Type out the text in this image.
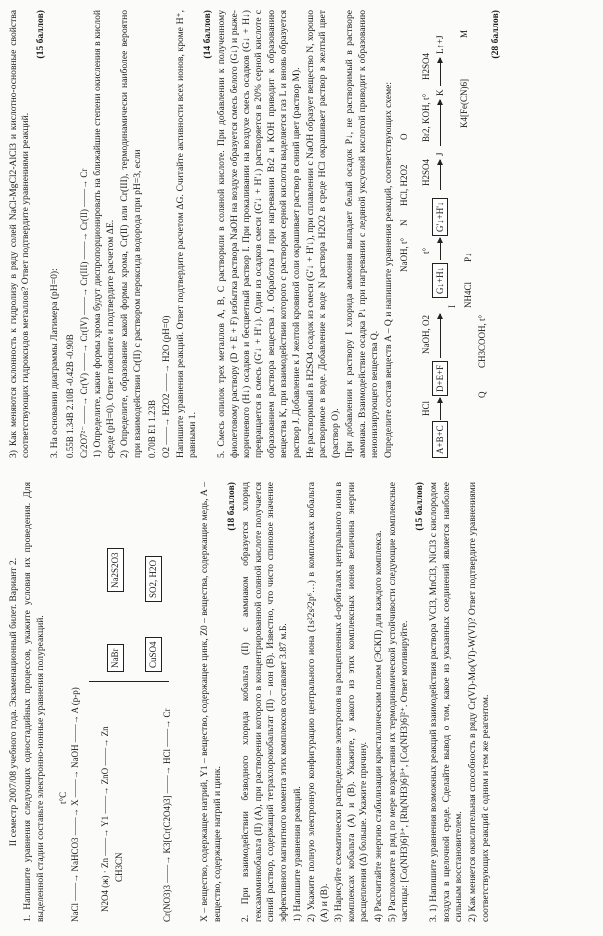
II семестр 2007/08 учебного года. Экзаменационный билет. Вариант 2. 1. Напишите уравнения следующих одностадийных процессов, укажите условия их проведения. Для выделенной стадии составьте электронно-ионные уравнения полуреакций. t°C NaCl ——→ NaHCO3 ——→ X ——→ NaOH ——→ A (р-р) N2O4 (ж) · Zn ——→ Y1 ——→ ZnO ——→ Zn CH3CN	Cr(NO3)3 ——→ K3[Cr(C2O4)3] ——→ HCl ——→ Cr
NaBr
Na2S2O3
CuSO4
SO2, H2O	X – вещество, содержащее натрий, Y1 – вещество, содержащее цинк, Z0 – вещества, содержащие медь, А – вещество, содержащее натрий и цинк.

(18 баллов) 2. При взаимодействии безводного хлорида кобальта (II) с аммиаком образуется хлорид гексаамминкобальта (II) (A), при растворении которого в концентрированной соляной кислоте получается синий раствор, содержащий тетрахлорокобальтат (II) – ион (B). Известно, что чисто спиновое значение эффективного магнитного момента этих комплексов составляет 3.87 м.Б. 1) Напишите уравнения реакций. 2) Укажите полную электронную конфигурацию центрального иона (1s²2s²2p⁶…) в комплексах кобальта (A) и (B). 3) Нарисуйте схематически распределение электронов на расщепленных d-орбиталях центрального иона в комплексах кобальта (A) и (B). Укажите, у какого из этих комплексных ионов величина энергии расщепления (Δ) больше. Укажите причину. 4) Рассчитайте энергию стабилизации кристаллическим полем (ЭСКП) для каждого комплекса. 5) Расположите в ряд по мере возрастания их термодинамической устойчивости следующие комплексные частицы: [Co(NH3)6]³⁺, [Rh(NH3)6]³⁺, [Co(NH3)6]²⁺. Ответ мотивируйте.

(15 баллов) 3. 1) Напишите уравнения возможных реакций взаимодействия раствора VCl3, MnCl3, NiCl3 с кислородом воздуха в щелочной среде. Сделайте вывод о том, какое из указанных соединений является наиболее сильным восстановителем. 2) Как меняется окислительная способность в ряду Cr(VI)-Mo(VI)-W(VI)? Ответ подтвердите уравнениями соответствующих реакций с одним и тем же реагентом.

3) Как меняются склонность к гидролизу в ряду солей NaCl-MgCl2-AlCl3 и кислотно-основные свойства соответствующих гидроксидов металлов? Ответ подтвердите уравнениями реакций.

(15 баллов)

3. На основании диаграммы Латимера (pH=0): 0.55B 1.34B 2.10B -0.42B -0.90B Cr2O7²⁻ ——→ Cr(V) ——→ Cr(IV) ——→ Cr(III) ——→ Cr(II) ——→ Cr 1) Определите, какие формы хрома будут диспропорционировать на ближайшие степени окисления в кислой среде (pH=0). Ответ поясните и подтвердите расчетом ΔE. 2) Определите, образование какой формы хрома, Cr(II) или Cr(III), термодинамически наиболее вероятно при взаимодействии Cr(II) с раствором пероксида водорода при pH=3, если 0.70B E1 1.23B O2 ——→ H2O2 ——→ H2O (pH=0) Напишите уравнения реакций. Ответ подтвердите расчетом ΔG. Считайте активности всех ионов, кроме H⁺, равными 1.

(14 баллов) 5. Смесь опилок трех металлов A, B, C растворили в соляной кислоте. При добавлении к полученному фиолетовому раствору (D + E + F) избытка раствора NaOH на воздухе образуется смесь белого (G↓) и рыже-коричневого (H↓) осадков и бесцветный раствор I. При прокаливании на воздухе смесь осадков (G↓ + H↓) превращается в смесь (G'↓ + H'↓). Один из осадков смеси (G'↓ + H'↓) растворяется в 20% серной кислоте с образованием раствора вещества J. Обработка J при нагревании Br2 и KOH приводит к образованию вещества K, при взаимодействии которого с раствором серной кислоты выделяется газ L и вновь образуется раствор J. Добавление к J желтой кровяной соли окрашивает раствор в синий цвет (раствор M). Не растворимый в H2SO4 осадок из смеси (G'↓ + H'↓), при сплавлении с NaOH образует вещество N, хорошо растворимое в воде. Добавление к воде N раствора H2O2 в среде HCl окрашивает раствор в желтый цвет (раствор O). При добавлении к раствору I хлорида аммония выпадает белый осадок P↓, не растворимый в растворе аммиака. Взаимодействие осадка P↓ при нагревании с ледяной уксусной кислотой приводит к образованию неионизирующего вещества Q. Определите состав веществ A – Q и напишите уравнения реакций, соответствующих схеме:	A+B+C
HCl
D+E+F
NaOH, O2
I
G↓+H↓
t°
G'↓+H'↓
H2SO4
J
Br2, KOH, t°
K
H2SO4
L↑+J
K4[Fe(CN)6]
M
NaOH, t°
N
HCl, H2O2
O
NH4Cl
P↓
CH3COOH, t°
Q

(28 баллов)
